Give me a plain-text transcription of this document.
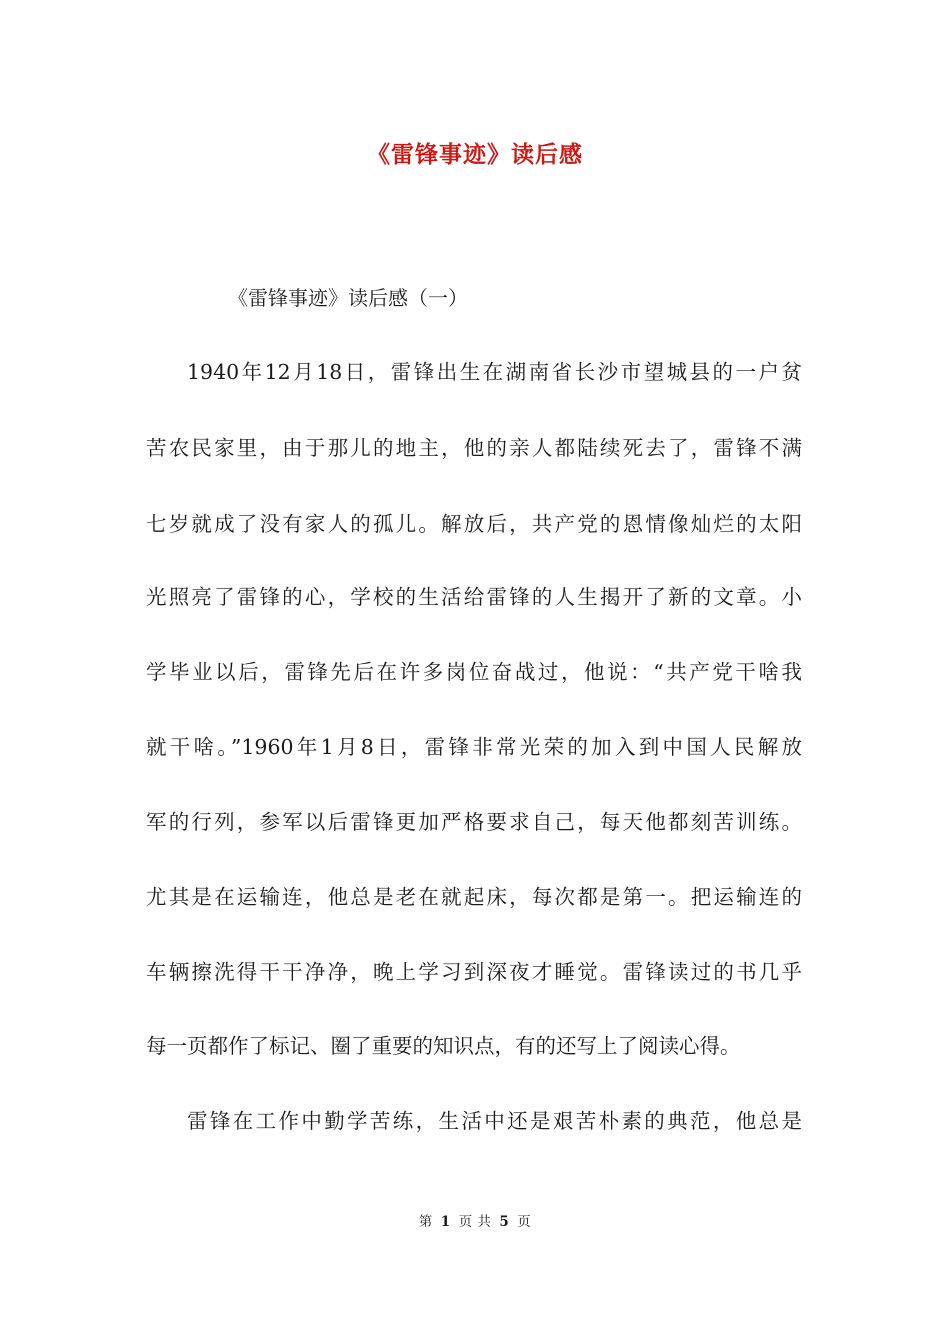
《雷锋事迹》读后感
《雷锋事迹》读后感（一）
1940年12月18日，雷锋出生在湖南省长沙市望城县的一户贫
苦农民家里，由于那儿的地主，他的亲人都陆续死去了，雷锋不满
七岁就成了没有家人的孤儿。解放后，共产党的恩情像灿烂的太阳
光照亮了雷锋的心，学校的生活给雷锋的人生揭开了新的文章。小
学毕业以后，雷锋先后在许多岗位奋战过，他说：“共产党干啥我
就干啥。”1960年1月8日，雷锋非常光荣的加入到中国人民解放
军的行列，参军以后雷锋更加严格要求自己，每天他都刻苦训练。
尤其是在运输连，他总是老在就起床，每次都是第一。把运输连的
车辆擦洗得干干净净，晚上学习到深夜才睡觉。雷锋读过的书几乎
每一页都作了标记、圈了重要的知识点，有的还写上了阅读心得。
雷锋在工作中勤学苦练，生活中还是艰苦朴素的典范，他总是
第 1 页 共 5 页
